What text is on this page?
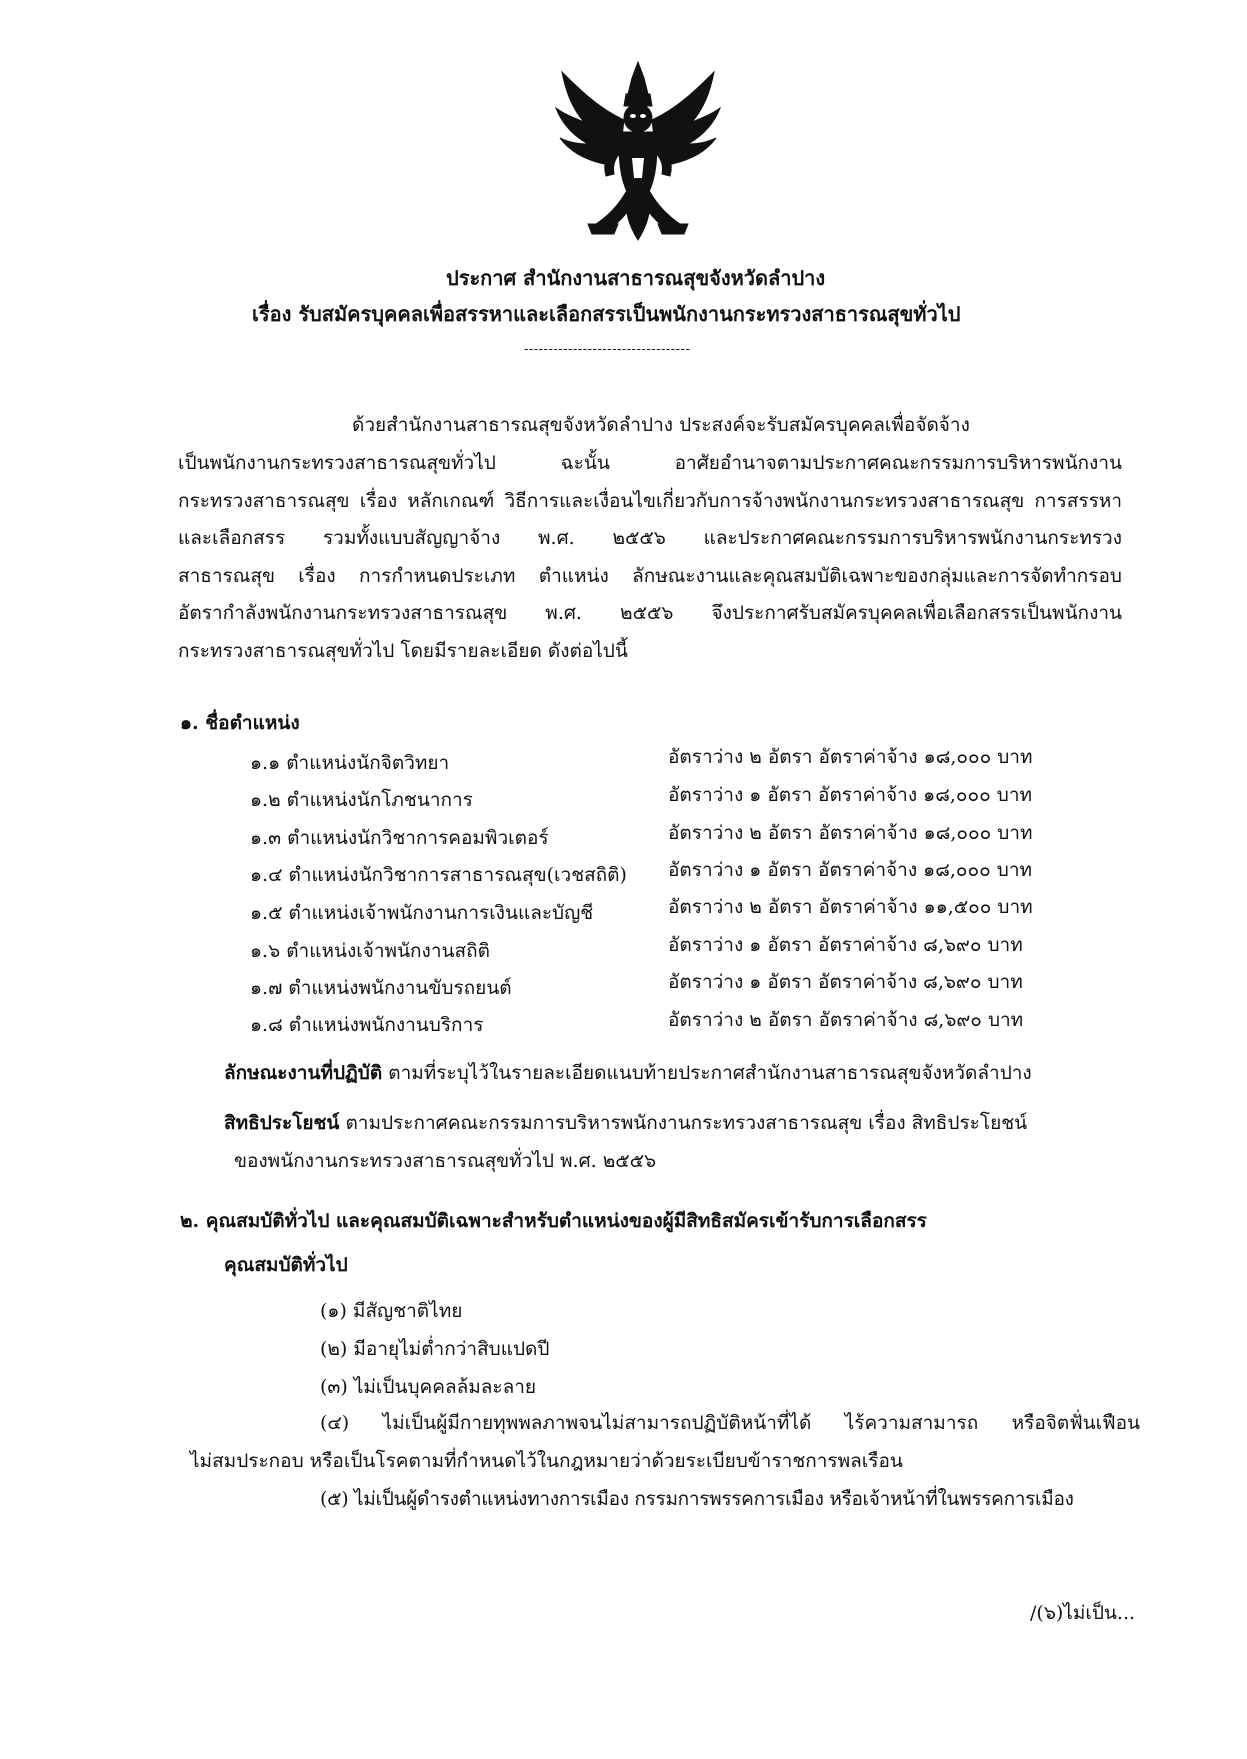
ประกาศ สำนักงานสาธารณสุขจังหวัดลำปาง
เรื่อง รับสมัครบุคคลเพื่อสรรหาและเลือกสรรเป็นพนักงานกระทรวงสาธารณสุขทั่วไป
----------------------------------
ด้วยสำนักงานสาธารณสุขจังหวัดลำปาง ประสงค์จะรับสมัครบุคคลเพื่อจัดจ้าง
เป็นพนักงานกระทรวงสาธารณสุขทั่วไป ฉะนั้น อาศัยอำนาจตามประกาศคณะกรรมการบริหารพนักงาน
กระทรวงสาธารณสุข เรื่อง หลักเกณฑ์ วิธีการและเงื่อนไขเกี่ยวกับการจ้างพนักงานกระทรวงสาธารณสุข การสรรหา
และเลือกสรร รวมทั้งแบบสัญญาจ้าง พ.ศ. ๒๕๕๖ และประกาศคณะกรรมการบริหารพนักงานกระทรวง
สาธารณสุข เรื่อง การกำหนดประเภท ตำแหน่ง ลักษณะงานและคุณสมบัติเฉพาะของกลุ่มและการจัดทำกรอบ
อัตรากำลังพนักงานกระทรวงสาธารณสุข พ.ศ. ๒๕๕๖ จึงประกาศรับสมัครบุคคลเพื่อเลือกสรรเป็นพนักงาน
กระทรวงสาธารณสุขทั่วไป โดยมีรายละเอียด ดังต่อไปนี้
๑. ชื่อตำแหน่ง
๑.๑ ตำแหน่งนักจิตวิทยา	อัตราว่าง ๒ อัตรา อัตราค่าจ้าง ๑๘,๐๐๐ บาท
๑.๒ ตำแหน่งนักโภชนาการ	อัตราว่าง ๑ อัตรา อัตราค่าจ้าง ๑๘,๐๐๐ บาท
๑.๓ ตำแหน่งนักวิชาการคอมพิวเตอร์	อัตราว่าง ๒ อัตรา อัตราค่าจ้าง ๑๘,๐๐๐ บาท
๑.๔ ตำแหน่งนักวิชาการสาธารณสุข(เวชสถิติ) อัตราว่าง ๑ อัตรา อัตราค่าจ้าง ๑๘,๐๐๐ บาท
๑.๕ ตำแหน่งเจ้าพนักงานการเงินและบัญชี	อัตราว่าง ๒ อัตรา อัตราค่าจ้าง ๑๑,๕๐๐ บาท
๑.๖ ตำแหน่งเจ้าพนักงานสถิติ	อัตราว่าง ๑ อัตรา อัตราค่าจ้าง ๘,๖๙๐ บาท
๑.๗ ตำแหน่งพนักงานขับรถยนต์	อัตราว่าง ๑ อัตรา อัตราค่าจ้าง ๘,๖๙๐ บาท
๑.๘ ตำแหน่งพนักงานบริการ	อัตราว่าง ๒ อัตรา อัตราค่าจ้าง ๘,๖๙๐ บาท
ลักษณะงานที่ปฏิบัติ ตามที่ระบุไว้ในรายละเอียดแนบท้ายประกาศสำนักงานสาธารณสุขจังหวัดลำปาง
สิทธิประโยชน์ ตามประกาศคณะกรรมการบริหารพนักงานกระทรวงสาธารณสุข เรื่อง สิทธิประโยชน์
ของพนักงานกระทรวงสาธารณสุขทั่วไป พ.ศ. ๒๕๕๖
๒. คุณสมบัติทั่วไป และคุณสมบัติเฉพาะสำหรับตำแหน่งของผู้มีสิทธิสมัครเข้ารับการเลือกสรร
คุณสมบัติทั่วไป
(๑) มีสัญชาติไทย
(๒) มีอายุไม่ต่ำกว่าสิบแปดปี
(๓) ไม่เป็นบุคคลล้มละลาย
(๔) ไม่เป็นผู้มีกายทุพพลภาพจนไม่สามารถปฏิบัติหน้าที่ได้ ไร้ความสามารถ หรือจิตฟั่นเฟือน
ไม่สมประกอบ หรือเป็นโรคตามที่กำหนดไว้ในกฎหมายว่าด้วยระเบียบข้าราชการพลเรือน
(๕) ไม่เป็นผู้ดำรงตำแหน่งทางการเมือง กรรมการพรรคการเมือง หรือเจ้าหน้าที่ในพรรคการเมือง
/(๖)ไม่เป็น...
